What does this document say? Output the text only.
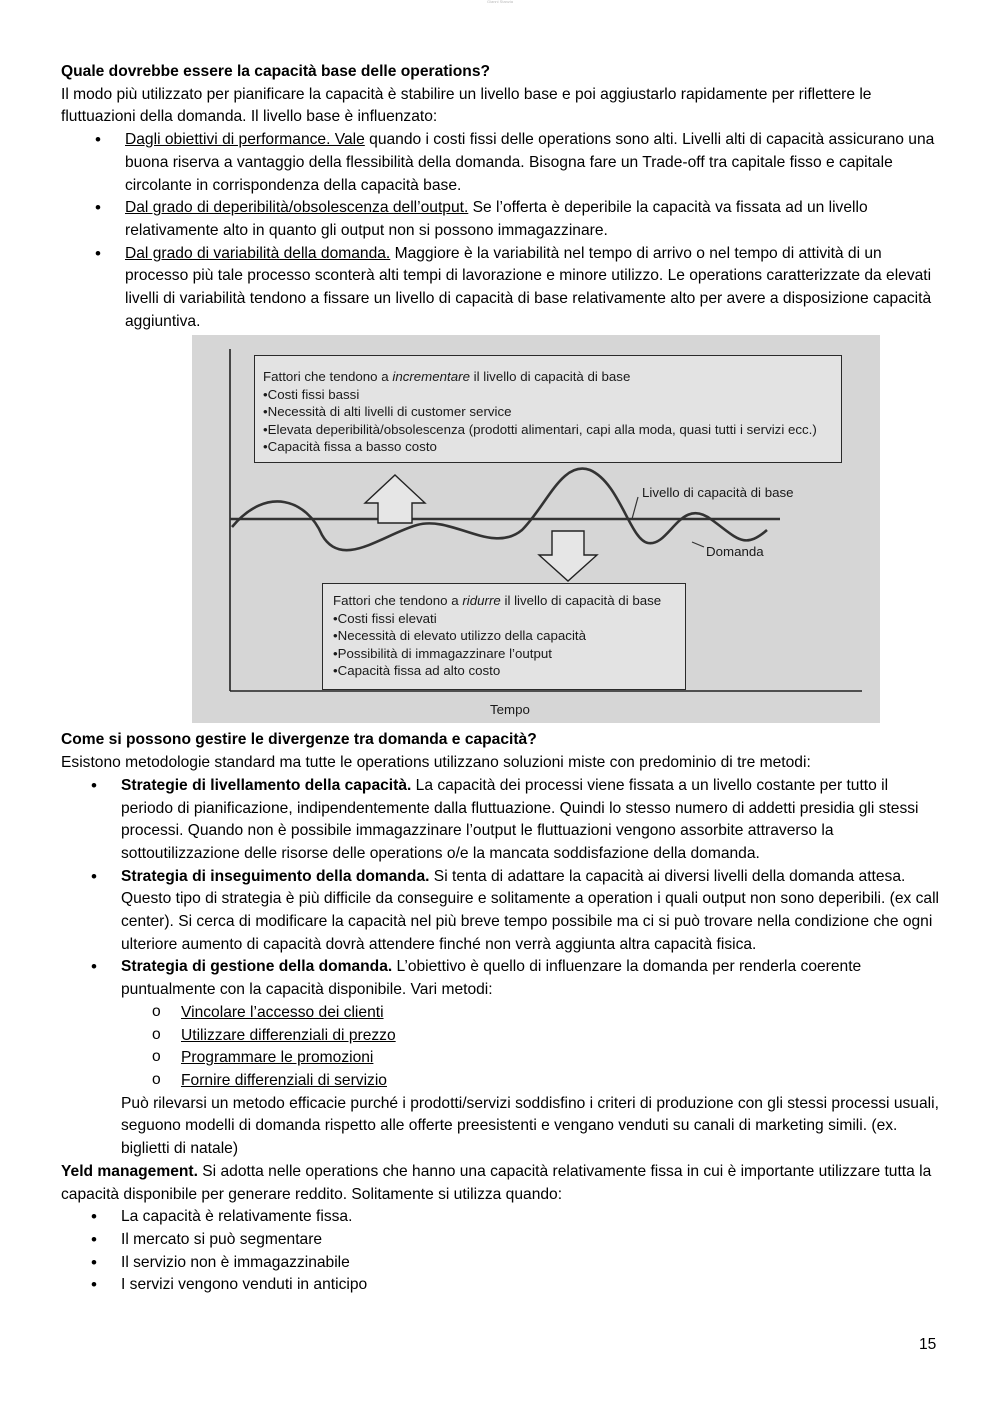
Gianni Stanzia

Quale dovrebbe essere la capacità base delle operations?

Il modo più utilizzato per pianificare la capacità è stabilire un livello base e poi aggiustarlo rapidamente per riflettere le fluttuazioni della domanda. Il livello base è influenzato:

• Dagli obiettivi di performance. Vale quando i costi fissi delle operations sono alti. Livelli alti di capacità assicurano una buona riserva a vantaggio della flessibilità della domanda. Bisogna fare un Trade-off tra capitale fisso e capitale circolante in corrispondenza della capacità base.
• Dal grado di deperibilità/obsolescenza dell’output. Se l’offerta è deperibile la capacità va fissata ad un livello relativamente alto in quanto gli output non si possono immagazzinare.
• Dal grado di variabilità della domanda. Maggiore è la variabilità nel tempo di arrivo o nel tempo di attività di un processo più tale processo sconterà alti tempi di lavorazione e minore utilizzo. Le operations caratterizzate da elevati livelli di variabilità tendono a fissare un livello di capacità di base relativamente alto per avere a disposizione capacità aggiuntiva.
Fattori che tendono a incrementare il livello di capacità di base
• Costi fissi bassi
• Necessità di alti livelli di customer service
• Elevata deperibilità/obsolescenza (prodotti alimentari, capi alla moda, quasi tutti i servizi ecc.)
• Capacità fissa a basso costo
Livello di capacità di base
Domanda
Fattori che tendono a ridurre il livello di capacità di base
• Costi fissi elevati
• Necessità di elevato utilizzo della capacità
• Possibilità di immagazzinare l’output
• Capacità fissa ad alto costo
Tempo

Come si possono gestire le divergenze tra domanda e capacità?

Esistono metodologie standard ma tutte le operations utilizzano soluzioni miste con predominio di tre metodi:

• Strategie di livellamento della capacità. La capacità dei processi viene fissata a un livello costante per tutto il periodo di pianificazione, indipendentemente dalla fluttuazione. Quindi lo stesso numero di addetti presidia gli stessi processi. Quando non è possibile immagazzinare l’output le fluttuazioni vengono assorbite attraverso la sottoutilizzazione delle risorse delle operations o/e la mancata soddisfazione della domanda.
• Strategia di inseguimento della domanda. Si tenta di adattare la capacità ai diversi livelli della domanda attesa. Questo tipo di strategia è più difficile da conseguire e solitamente a operation i quali output non sono deperibili. (ex call center). Si cerca di modificare la capacità nel più breve tempo possibile ma ci si può trovare nella condizione che ogni ulteriore aumento di capacità dovrà attendere finché non verrà aggiunta altra capacità fisica.
• Strategia di gestione della domanda. L’obiettivo è quello di influenzare la domanda per renderla coerente puntualmente con la capacità disponibile. Vari metodi:
o Vincolare l’accesso dei clienti
o Utilizzare differenziali di prezzo
o Programmare le promozioni
o Fornire differenziali di servizio

Può rilevarsi un metodo efficacie purché i prodotti/servizi soddisfino i criteri di produzione con gli stessi processi usuali, seguono modelli di domanda rispetto alle offerte preesistenti e vengano venduti su canali di marketing simili. (ex. biglietti di natale)

Yeld management. Si adotta nelle operations che hanno una capacità relativamente fissa in cui è importante utilizzare tutta la capacità disponibile per generare reddito. Solitamente si utilizza quando:

• La capacità è relativamente fissa.
• Il mercato si può segmentare
• Il servizio non è immagazzinabile
• I servizi vengono venduti in anticipo
15
